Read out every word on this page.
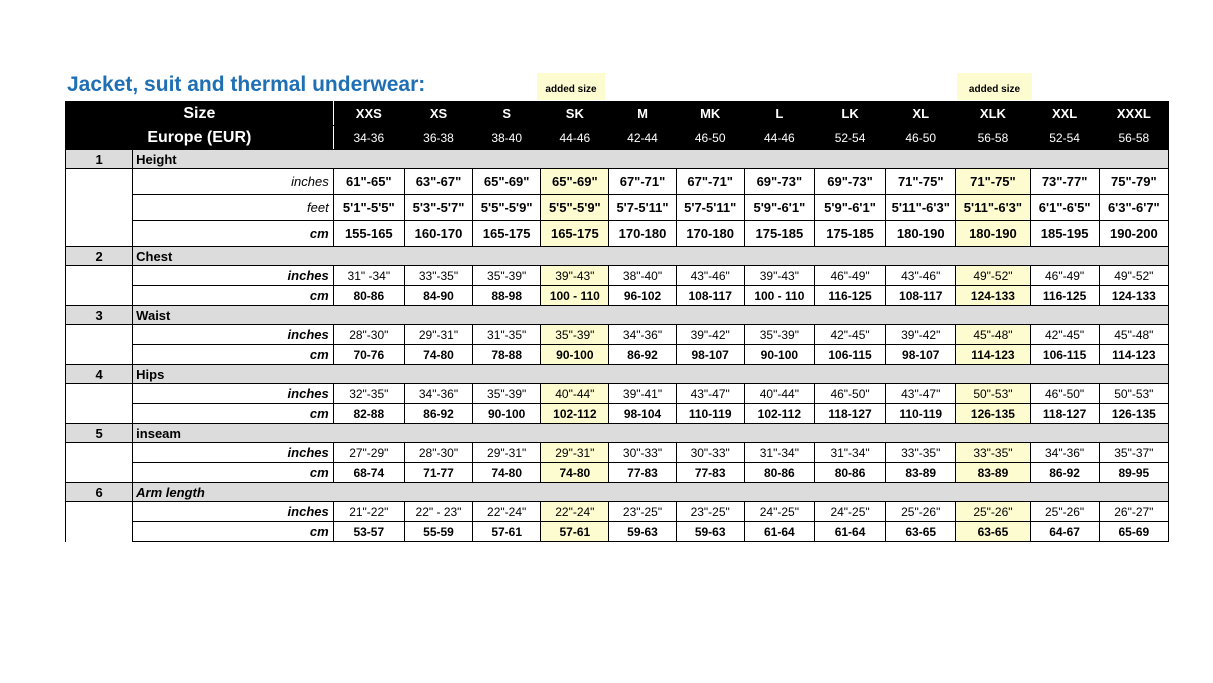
Jacket, suit and thermal underwear:	added size	added size
Size		XXS	XS	S	SK	M	MK	L	LK	XL	XLK	XXL	XXXL
Europe (EUR)		34-36	36-38	38-40	44-46	42-44	46-50	44-46	52-54	46-50	56-58	52-54	56-58
1	Height												
	inches	61"-65"	63"-67"	65"-69"	65"-69"	67"-71"	67"-71"	69"-73"	69"-73"	71"-75"	71"-75"	73"-77"	75"-79"
	feet	5'1"-5'5"	5'3"-5'7"	5'5"-5'9"	5'5"-5'9"	5'7-5'11"	5'7-5'11"	5'9"-6'1"	5'9"-6'1"	5'11"-6'3"	5'11"-6'3"	6'1"-6'5"	6'3"-6'7"
	cm	155-165	160-170	165-175	165-175	170-180	170-180	175-185	175-185	180-190	180-190	185-195	190-200
2	Chest												
	inches	31" -34"	33"-35"	35"-39"	39"-43"	38"-40"	43"-46"	39"-43"	46"-49"	43"-46"	49"-52"	46"-49"	49"-52"
	cm	80-86	84-90	88-98	100 - 110	96-102	108-117	100 - 110	116-125	108-117	124-133	116-125	124-133
3	Waist												
	inches	28"-30"	29"-31"	31"-35"	35"-39"	34"-36"	39"-42"	35"-39"	42"-45"	39"-42"	45"-48"	42"-45"	45"-48"
	cm	70-76	74-80	78-88	90-100	86-92	98-107	90-100	106-115	98-107	114-123	106-115	114-123
4	Hips												
	inches	32"-35"	34"-36"	35"-39"	40"-44"	39"-41"	43"-47"	40"-44"	46"-50"	43"-47"	50"-53"	46"-50"	50"-53"
	cm	82-88	86-92	90-100	102-112	98-104	110-119	102-112	118-127	110-119	126-135	118-127	126-135
5	inseam												
	inches	27"-29"	28"-30"	29"-31"	29"-31"	30"-33"	30"-33"	31"-34"	31"-34"	33"-35"	33"-35"	34"-36"	35"-37"
	cm	68-74	71-77	74-80	74-80	77-83	77-83	80-86	80-86	83-89	83-89	86-92	89-95
6	Arm length												
	inches	21"-22"	22" - 23"	22"-24"	22"-24"	23"-25"	23"-25"	24"-25"	24"-25"	25"-26"	25"-26"	25"-26"	26"-27"
	cm	53-57	55-59	57-61	57-61	59-63	59-63	61-64	61-64	63-65	63-65	64-67	65-69
